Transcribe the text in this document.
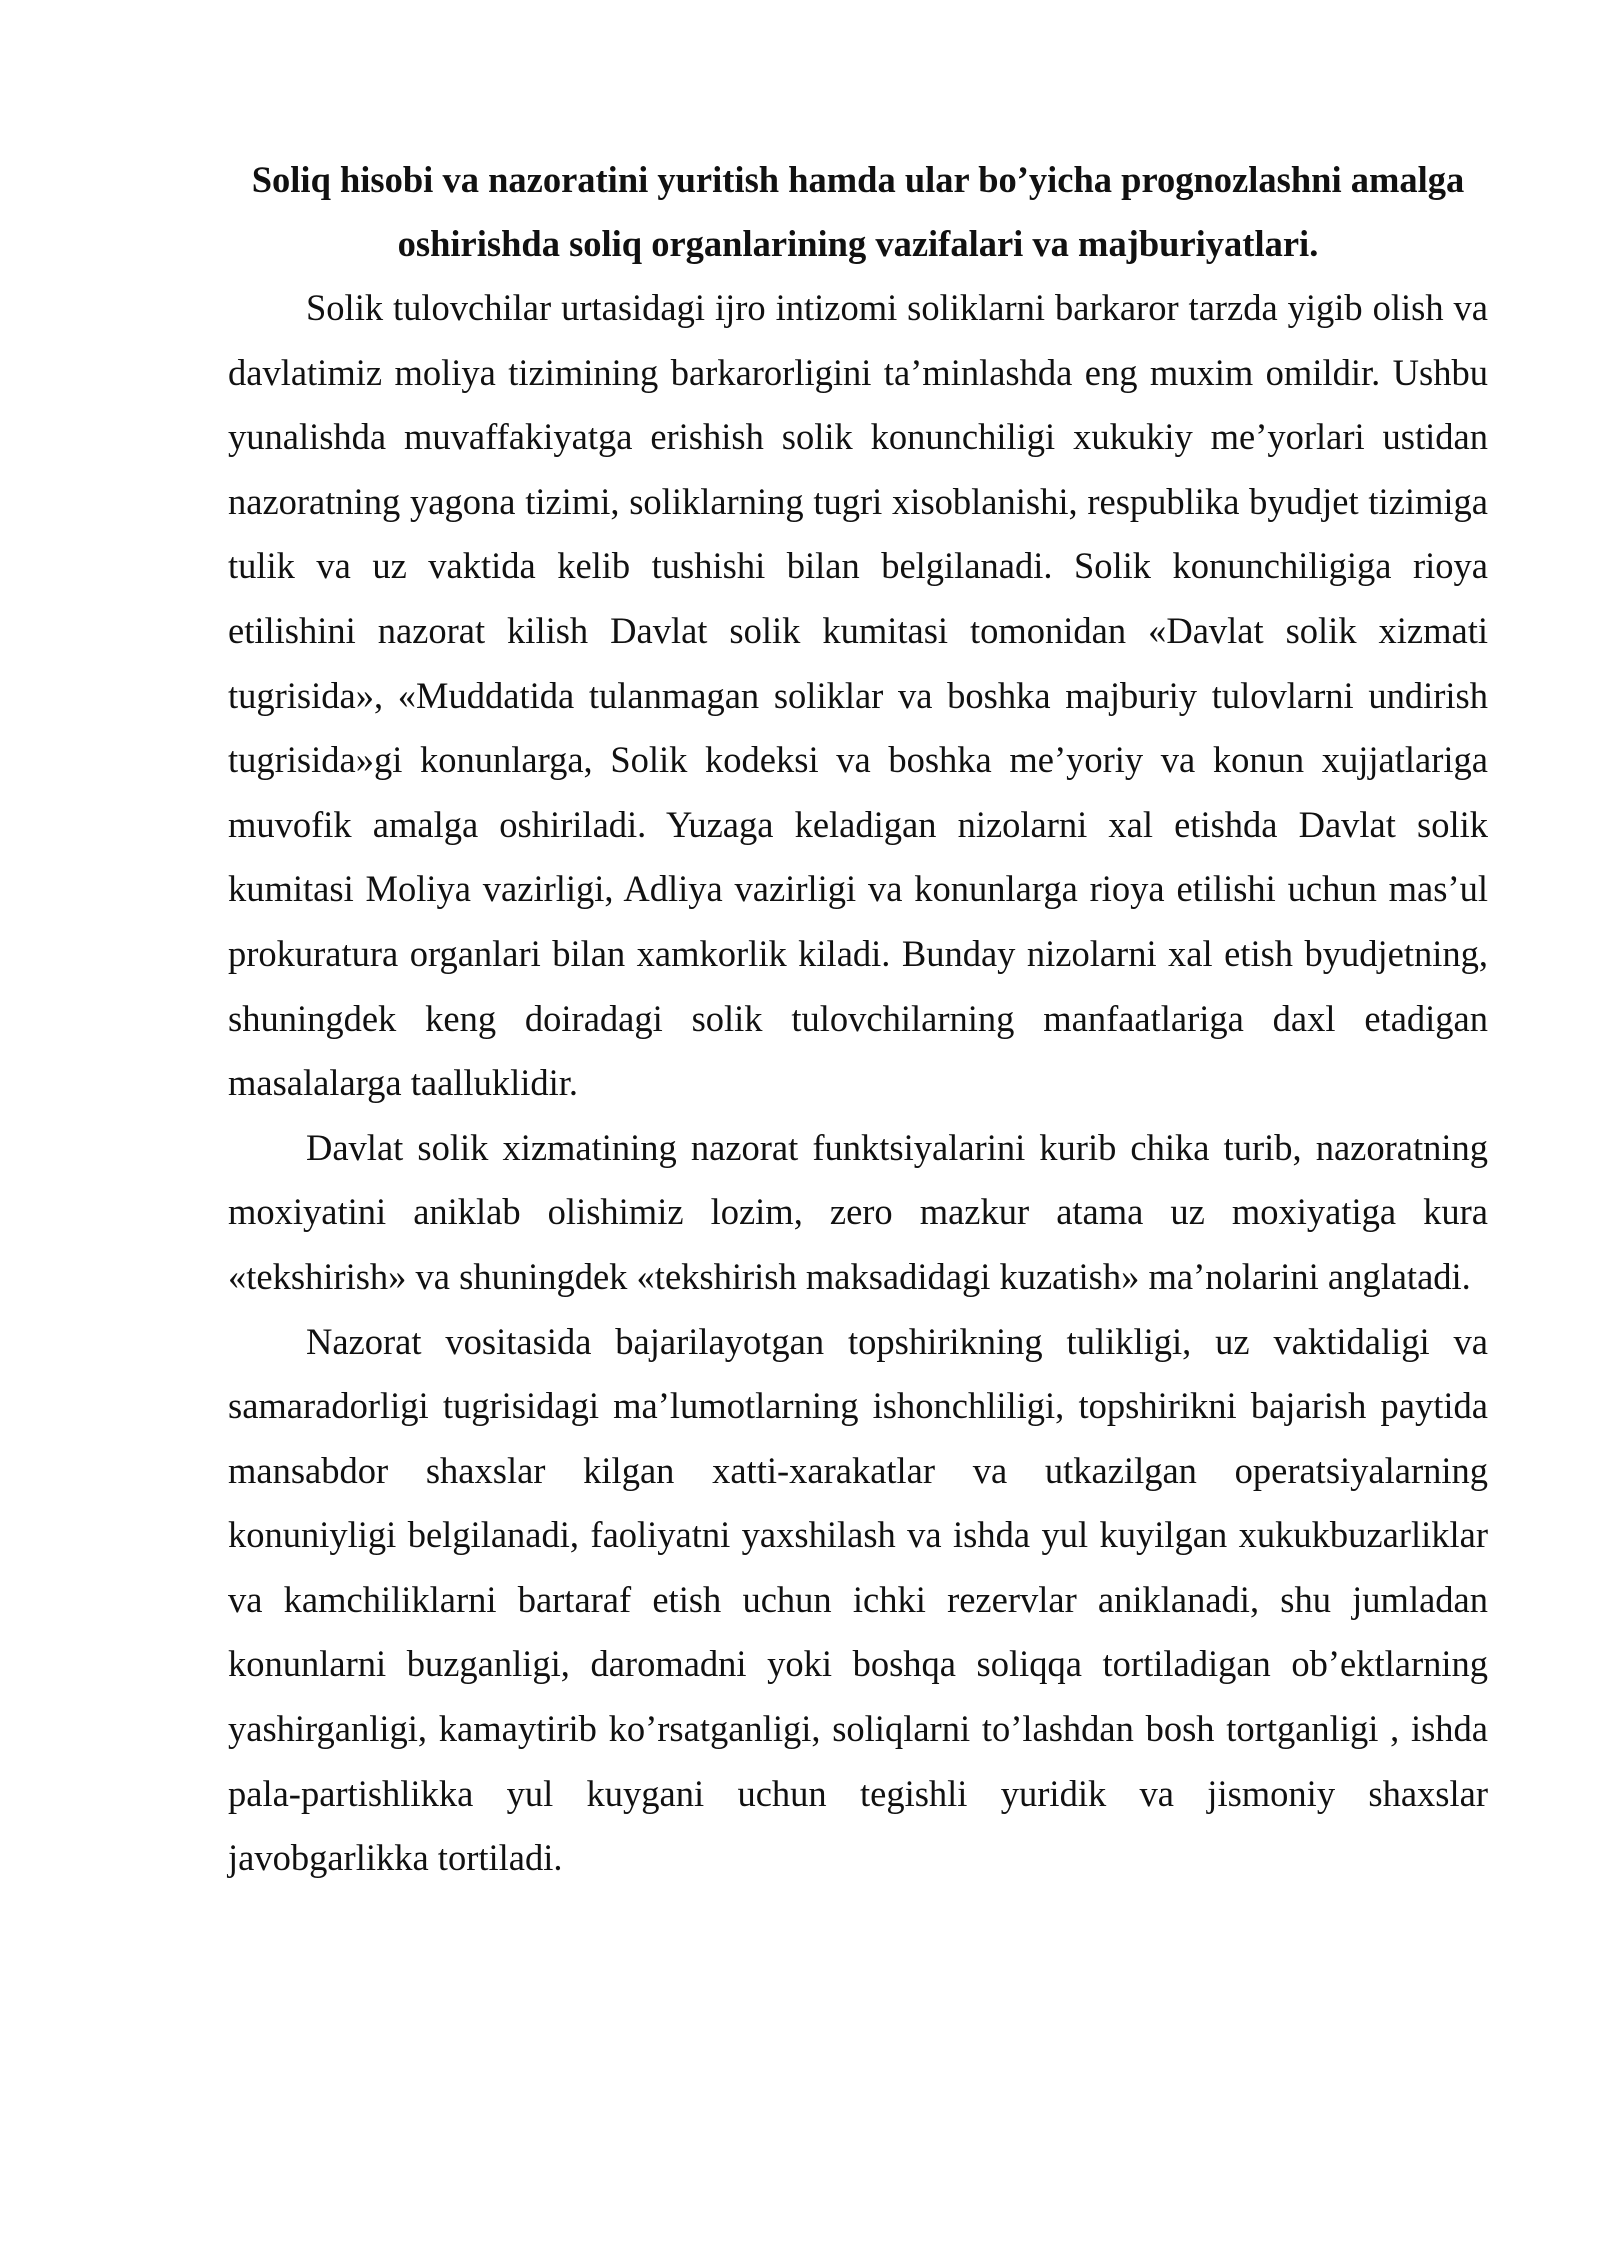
Soliq hisobi va nazoratini yuritish hamda ular bo’yicha prognozlashni amalga oshirishda soliq organlarining vazifalari va majburiyatlari.

Solik tulovchilar urtasidagi ijro intizomi soliklarni barkaror tarzda yigib olish va davlatimiz moliya tizimining barkarorligini ta’minlashda eng muxim omildir. Ushbu yunalishda muvaffakiyatga erishish solik konunchiligi xukukiy me’yorlari ustidan nazoratning yagona tizimi, soliklarning tugri xisoblanishi, respublika byudjet tizimiga tulik va uz vaktida kelib tushishi bilan belgilanadi. Solik konunchiligiga rioya etilishini nazorat kilish Davlat solik kumitasi tomonidan «Davlat solik xizmati tugrisida», «Muddatida tulanmagan soliklar va boshka majburiy tulovlarni undirish tugrisida»gi konunlarga, Solik kodeksi va boshka me’yoriy va konun xujjatlariga muvofik amalga oshiriladi. Yuzaga keladigan nizolarni xal etishda Davlat solik kumitasi Moliya vazirligi, Adliya vazirligi va konunlarga rioya etilishi uchun mas’ul prokuratura organlari bilan xamkorlik kiladi. Bunday nizolarni xal etish byudjetning, shuningdek keng doiradagi solik tulovchilarning manfaatlariga daxl etadigan masalalarga taalluklidir.

Davlat solik xizmatining nazorat funktsiyalarini kurib chika turib, nazoratning moxiyatini aniklab olishimiz lozim, zero mazkur atama uz moxiyatiga kura «tekshirish» va shuningdek «tekshirish maksadidagi kuzatish» ma’nolarini anglatadi.

Nazorat vositasida bajarilayotgan topshirikning tulikligi, uz vaktidaligi va samaradorligi tugrisidagi ma’lumotlarning ishonchliligi, topshirikni bajarish paytida mansabdor shaxslar kilgan xatti-xarakatlar va utkazilgan operatsiyalarning konuniyligi belgilanadi, faoliyatni yaxshilash va ishda yul kuyilgan xukukbuzarliklar va kamchiliklarni bartaraf etish uchun ichki rezervlar aniklanadi, shu jumladan konunlarni buzganligi, daromadni yoki boshqa soliqqa tortiladigan ob’ektlarning yashirganligi, kamaytirib ko’rsatganligi, soliqlarni to’lashdan bosh tortganligi , ishda pala-partishlikka yul kuygani uchun tegishli yuridik va jismoniy shaxslar javobgarlikka tortiladi.
